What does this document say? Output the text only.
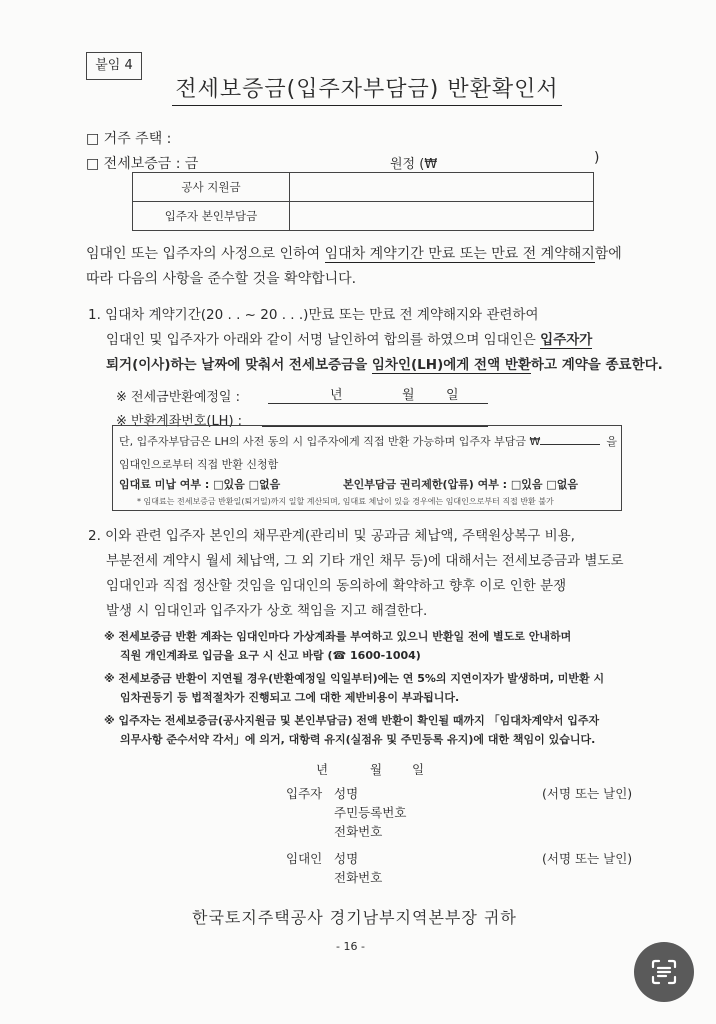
붙임 4
전세보증금(입주자부담금) 반환확인서
□ 거주 주택 :
□ 전세보증금 : 금	원정 (₩	)
공사 지원금	
입주자 본인부담금	
임대인 또는 입주자의 사정으로 인하여 임대차 계약기간 만료 또는 만료 전 계약해지함에
따라 다음의 사항을 준수할 것을 확약합니다.
1. 임대차 계약기간(20 . . ~ 20 . . .)만료 또는 만료 전 계약해지와 관련하여
임대인 및 입주자가 아래와 같이 서명 날인하여 합의를 하였으며 임대인은 입주자가
퇴거(이사)하는 날짜에 맞춰서 전세보증금을 임차인(LH)에게 전액 반환하고 계약을 종료한다.
※ 전세금반환예정일 :	년	월 일
※ 반환계좌번호(LH) :
단, 입주자부담금은 LH의 사전 동의 시 입주자에게 직접 반환 가능하며 입주자 부담금 ₩	을
임대인으로부터 직접 반환 신청함
임대료 미납 여부 : □있음 □없음	본인부담금 권리제한(압류) 여부 : □있음 □없음
* 임대료는 전세보증금 반환일(퇴거일)까지 일할 계산되며, 임대료 체납이 있을 경우에는 임대인으로부터 직접 반환 불가
2. 이와 관련 입주자 본인의 채무관계(관리비 및 공과금 체납액, 주택원상복구 비용,
부분전세 계약시 월세 체납액, 그 외 기타 개인 채무 등)에 대해서는 전세보증금과 별도로
임대인과 직접 정산할 것임을 임대인의 동의하에 확약하고 향후 이로 인한 분쟁
발생 시 임대인과 입주자가 상호 책임을 지고 해결한다.
※ 전세보증금 반환 계좌는 임대인마다 가상계좌를 부여하고 있으니 반환일 전에 별도로 안내하며
직원 개인계좌로 입금을 요구 시 신고 바람 (☎ 1600-1004)
※ 전세보증금 반환이 지연될 경우(반환예정일 익일부터)에는 연 5%의 지연이자가 발생하며, 미반환 시
임차권등기 등 법적절차가 진행되고 그에 대한 제반비용이 부과됩니다.
※ 입주자는 전세보증금(공사지원금 및 본인부담금) 전액 반환이 확인될 때까지 「임대차계약서 입주자
의무사항 준수서약 각서」에 의거, 대항력 유지(실점유 및 주민등록 유지)에 대한 책임이 있습니다.
년	월 일
입주자 성명
주민등록번호
전화번호
(서명 또는 날인)
임대인 성명
전화번호
(서명 또는 날인)
한국토지주택공사 경기남부지역본부장 귀하
- 16 -
